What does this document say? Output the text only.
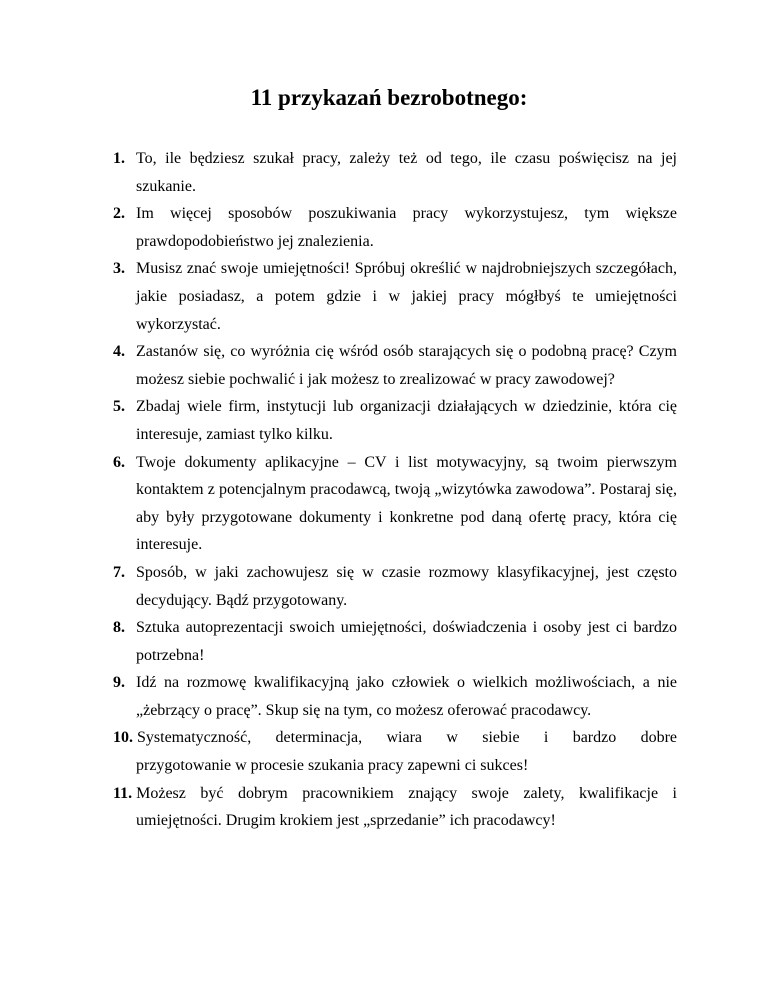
11 przykazań bezrobotnego:

1. To, ile będziesz szukał pracy, zależy też od tego, ile czasu poświęcisz na jej szukanie.

2. Im więcej sposobów poszukiwania pracy wykorzystujesz, tym większe prawdopodobieństwo jej znalezienia.

3. Musisz znać swoje umiejętności! Spróbuj określić w najdrobniejszych szczegółach, jakie posiadasz, a potem gdzie i w jakiej pracy mógłbyś te umiejętności wykorzystać.

4. Zastanów się, co wyróżnia cię wśród osób starających się o podobną pracę? Czym możesz siebie pochwalić i jak możesz to zrealizować w pracy zawodowej?

5. Zbadaj wiele firm, instytucji lub organizacji działających w dziedzinie, która cię interesuje, zamiast tylko kilku.

6. Twoje dokumenty aplikacyjne – CV i list motywacyjny, są twoim pierwszym kontaktem z potencjalnym pracodawcą, twoją „wizytówka zawodowa”. Postaraj się, aby były przygotowane dokumenty i konkretne pod daną ofertę pracy, która cię interesuje.

7. Sposób, w jaki zachowujesz się w czasie rozmowy klasyfikacyjnej, jest często decydujący. Bądź przygotowany.

8. Sztuka autoprezentacji swoich umiejętności, doświadczenia i osoby jest ci bardzo potrzebna!

9. Idź na rozmowę kwalifikacyjną jako człowiek o wielkich możliwościach, a nie „żebrzący o pracę”. Skup się na tym, co możesz oferować pracodawcy.

10. Systematyczność, determinacja, wiara w siebie i bardzo dobre
przygotowanie w procesie szukania pracy zapewni ci sukces!

11. Możesz być dobrym pracownikiem znający swoje zalety, kwalifikacje i
umiejętności. Drugim krokiem jest „sprzedanie” ich pracodawcy!
